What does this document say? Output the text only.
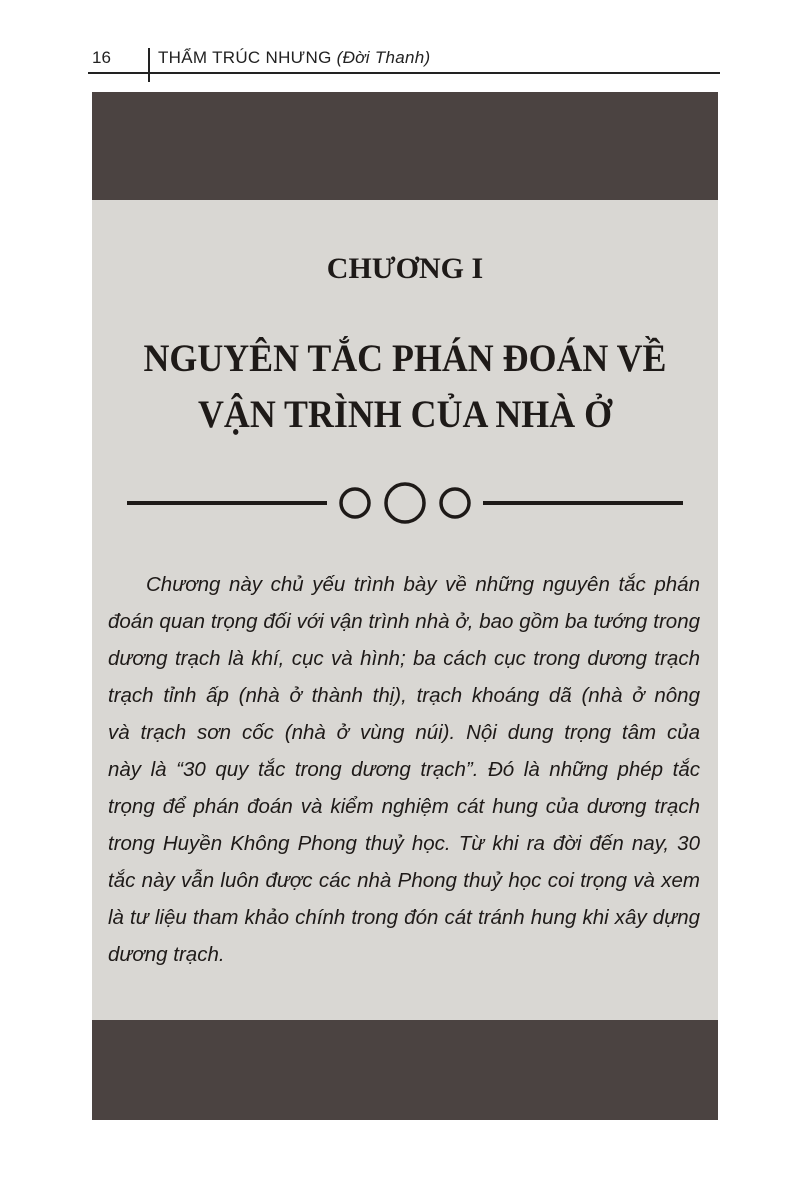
16	THẨM TRÚC NHƯNG (Đời Thanh)
CHƯƠNG I
NGUYÊN TẮC PHÁN ĐOÁN VỀ
VẬN TRÌNH CỦA NHÀ Ở
Chương này chủ yếu trình bày về những nguyên tắc phán
đoán quan trọng đối với vận trình nhà ở, bao gồm ba tướng trong
dương trạch là khí, cục và hình; ba cách cục trong dương trạch
trạch tỉnh ấp (nhà ở thành thị), trạch khoáng dã (nhà ở nông
và trạch sơn cốc (nhà ở vùng núi). Nội dung trọng tâm của
này là “30 quy tắc trong dương trạch”. Đó là những phép tắc
trọng để phán đoán và kiểm nghiệm cát hung của dương trạch
trong Huyền Không Phong thuỷ học. Từ khi ra đời đến nay, 30
tắc này vẫn luôn được các nhà Phong thuỷ học coi trọng và xem
là tư liệu tham khảo chính trong đón cát tránh hung khi xây dựng
dương trạch.
